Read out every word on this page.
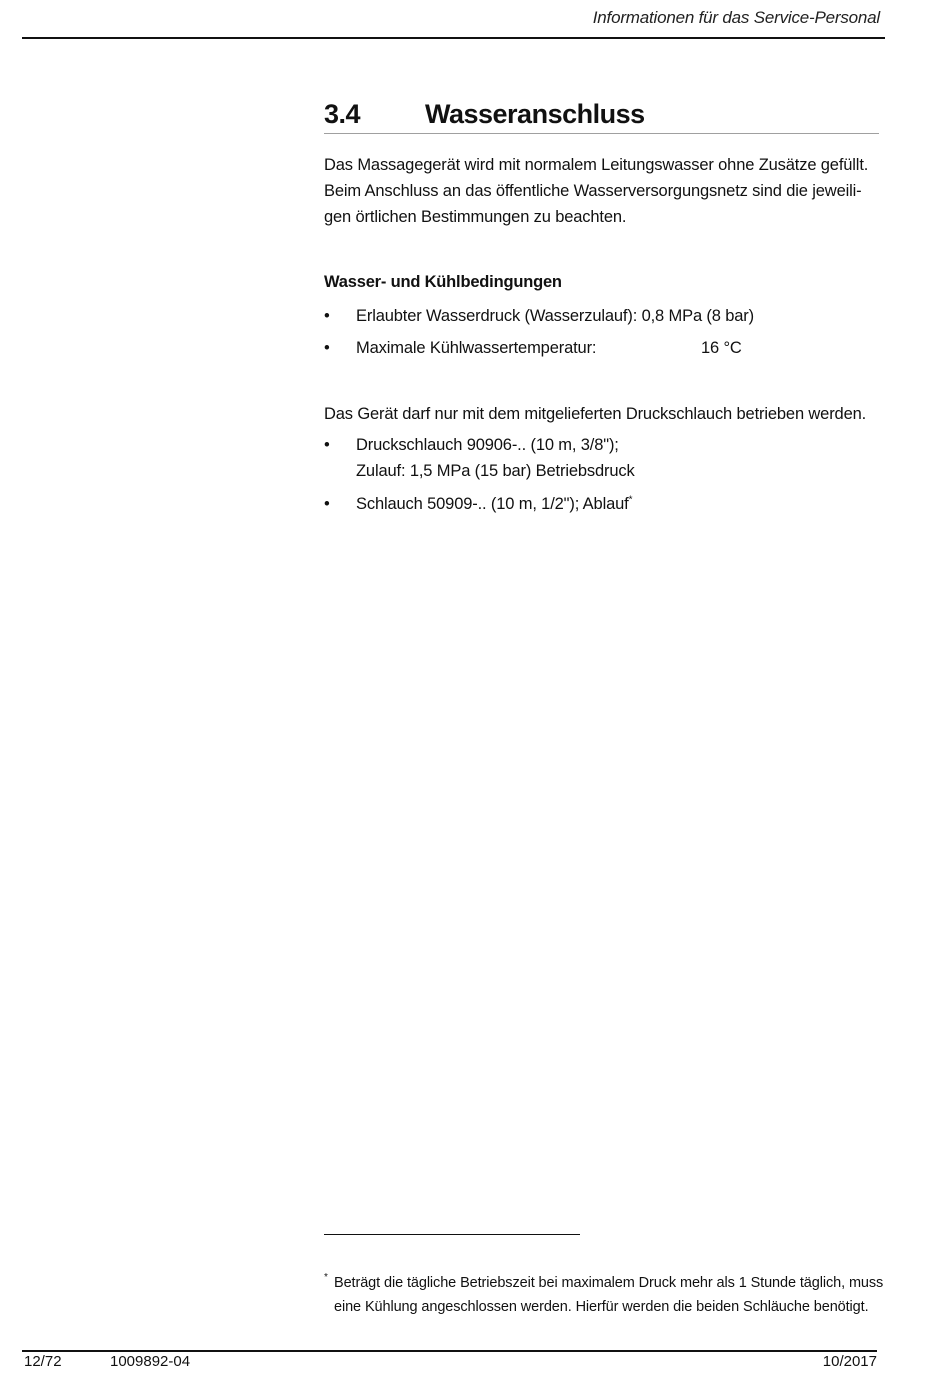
Informationen für das Service-Personal
3.4 Wasseranschluss
Das Massagegerät wird mit normalem Leitungswasser ohne Zusätze gefüllt. Beim Anschluss an das öffentliche Wasserversorgungsnetz sind die jeweili-gen örtlichen Bestimmungen zu beachten.
Wasser- und Kühlbedingungen
•	Erlaubter Wasserdruck (Wasserzulauf): 0,8 MPa (8 bar)
•	Maximale Kühlwassertemperatur:	16 °C
Das Gerät darf nur mit dem mitgelieferten Druckschlauch betrieben werden.
•	Druckschlauch 90906-.. (10 m, 3/8");
Zulauf: 1,5 MPa (15 bar) Betriebsdruck
•	Schlauch 50909-.. (10 m, 1/2"); Ablauf*
* Beträgt die tägliche Betriebszeit bei maximalem Druck mehr als 1 Stunde täglich, muss eine Kühlung angeschlossen werden. Hierfür werden die beiden Schläuche benötigt.
12/72	1009892-04	10/2017
